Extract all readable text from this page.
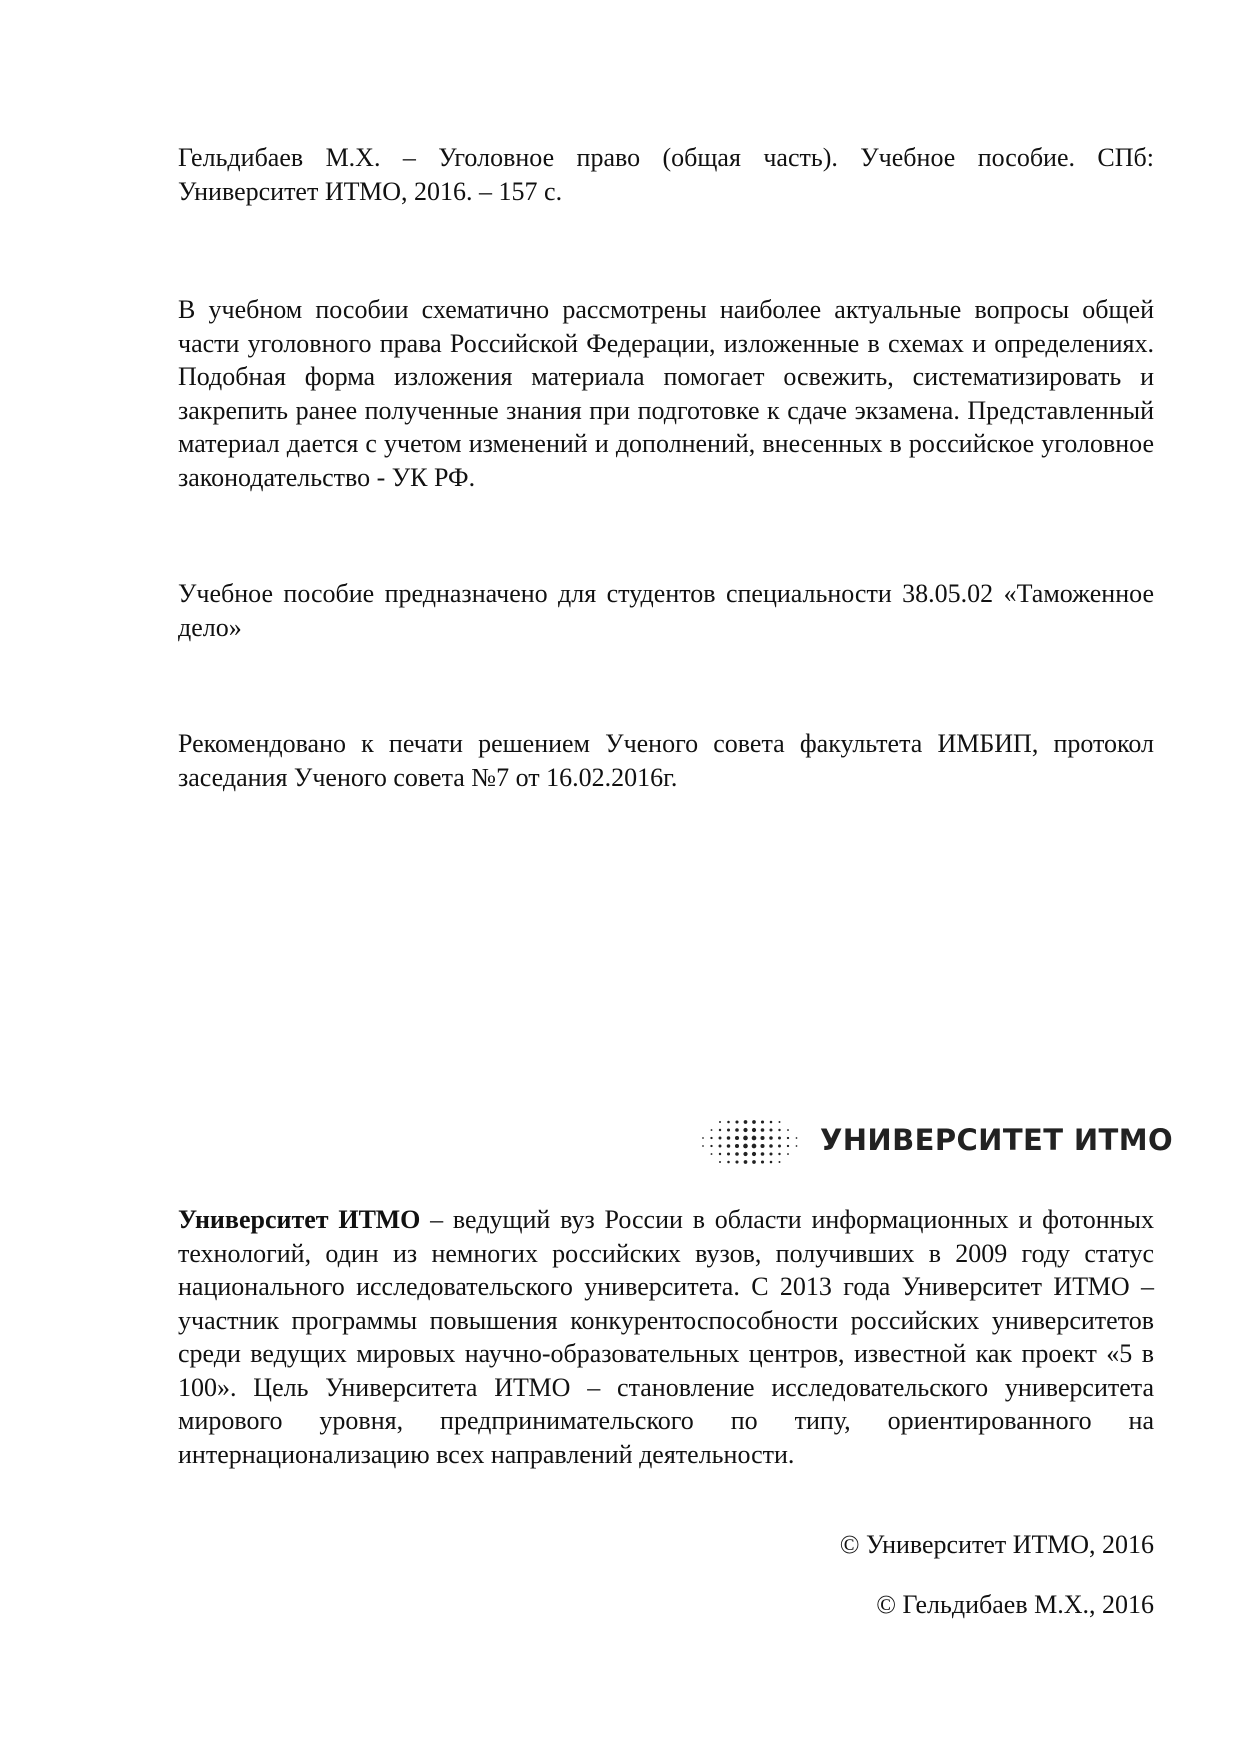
Гельдибаев М.Х. – Уголовное право (общая часть). Учебное пособие. СПб: Университет ИТМО, 2016. – 157 с.

В учебном пособии схематично рассмотрены наиболее актуальные вопросы общей части уголовного права Российской Федерации, изложенные в схемах и определениях. Подобная форма изложения материала помогает освежить, систематизировать и закрепить ранее полученные знания при подготовке к сдаче экзамена. Представленный материал дается с учетом изменений и дополнений, внесенных в российское уголовное законодательство - УК РФ.

Учебное пособие предназначено для студентов специальности 38.05.02 «Таможенное дело»

Рекомендовано к печати решением Ученого совета факультета ИМБИП, протокол заседания Ученого совета №7 от 16.02.2016г.

УНИВЕРСИТЕТ ИТМО

Университет ИТМО – ведущий вуз России в области информационных и фотонных технологий, один из немногих российских вузов, получивших в 2009 году статус национального исследовательского университета. С 2013 года Университет ИТМО – участник программы повышения конкурентоспособности российских университетов среди ведущих мировых научно-образовательных центров, известной как проект «5 в 100». Цель Университета ИТМО – становление исследовательского университета мирового уровня, предпринимательского по типу, ориентированного на интернационализацию всех направлений деятельности.

© Университет ИТМО, 2016

© Гельдибаев М.Х., 2016
